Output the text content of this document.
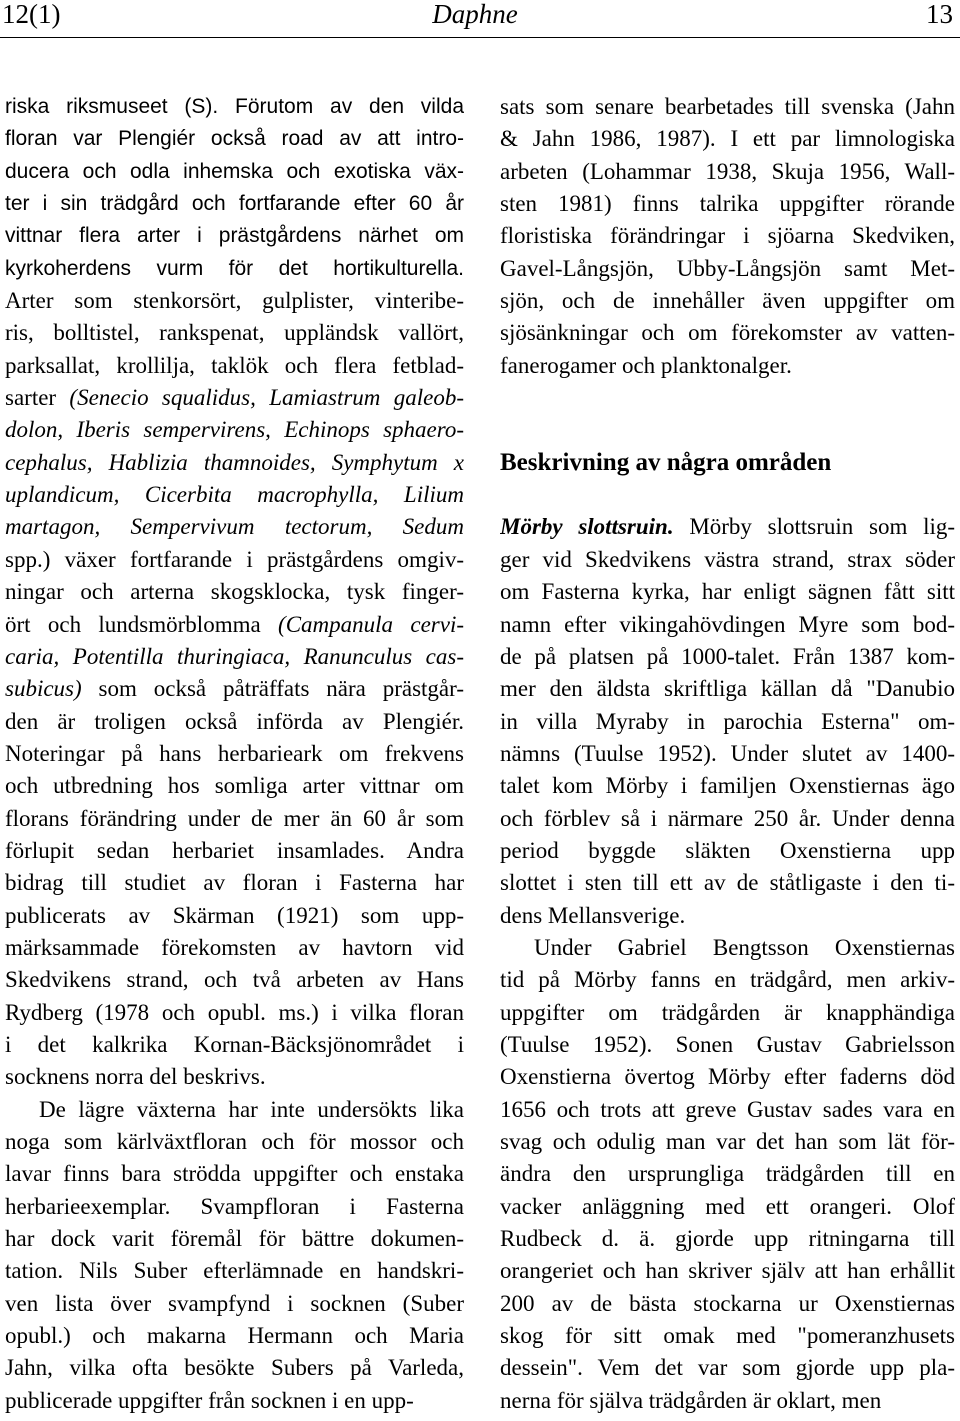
12(1)	Daphne	13
riska riksmuseet (S). Förutom av den vilda
floran var Plengiér också road av att intro-
ducera och odla inhemska och exotiska väx-
ter i sin trädgård och fortfarande efter 60 år
vittnar flera arter i prästgårdens närhet om
kyrkoherdens vurm för det hortikulturella.
Arter som stenkorsört, gulplister, vinteribe-
ris, bolltistel, rankspenat, uppländsk vallört,
parksallat, krollilja, taklök och flera fetblad-
sarter (Senecio squalidus, Lamiastrum galeob-
dolon, Iberis sempervirens, Echinops sphaero-
cephalus, Hablizia thamnoides, Symphytum x
uplandicum, Cicerbita macrophylla, Lilium
martagon, Sempervivum tectorum, Sedum
spp.) växer fortfarande i prästgårdens omgiv-
ningar och arterna skogsklocka, tysk finger-
ört och lundsmörblomma (Campanula cervi-
caria, Potentilla thuringiaca, Ranunculus cas-
subicus) som också påträffats nära prästgår-
den är troligen också införda av Plengiér.
Noteringar på hans herbarieark om frekvens
och utbredning hos somliga arter vittnar om
florans förändring under de mer än 60 år som
förlupit sedan herbariet insamlades. Andra
bidrag till studiet av floran i Fasterna har
publicerats av Skärman (1921) som upp-
märksammade förekomsten av havtorn vid
Skedvikens strand, och två arbeten av Hans
Rydberg (1978 och opubl. ms.) i vilka floran
i det kalkrika Kornan-Bäcksjönområdet i
socknens norra del beskrivs.
De lägre växterna har inte undersökts lika
noga som kärlväxtfloran och för mossor och
lavar finns bara strödda uppgifter och enstaka
herbarieexemplar. Svampfloran i Fasterna
har dock varit föremål för bättre dokumen-
tation. Nils Suber efterlämnade en handskri-
ven lista över svampfynd i socknen (Suber
opubl.) och makarna Hermann och Maria
Jahn, vilka ofta besökte Subers på Varleda,
publicerade uppgifter från socknen i en upp-
sats som senare bearbetades till svenska (Jahn
& Jahn 1986, 1987). I ett par limnologiska
arbeten (Lohammar 1938, Skuja 1956, Wall-
sten 1981) finns talrika uppgifter rörande
floristiska förändringar i sjöarna Skedviken,
Gavel-Långsjön, Ubby-Långsjön samt Met-
sjön, och de innehåller även uppgifter om
sjösänkningar och om förekomster av vatten-
fanerogamer och planktonalger.
Beskrivning av några områden
Mörby slottsruin. Mörby slottsruin som lig-
ger vid Skedvikens västra strand, strax söder
om Fasterna kyrka, har enligt sägnen fått sitt
namn efter vikingahövdingen Myre som bod-
de på platsen på 1000-talet. Från 1387 kom-
mer den äldsta skriftliga källan då "Danubio
in villa Myraby in parochia Esterna" om-
nämns (Tuulse 1952). Under slutet av 1400-
talet kom Mörby i familjen Oxenstiernas ägo
och förblev så i närmare 250 år. Under denna
period byggde släkten Oxenstierna upp
slottet i sten till ett av de ståtligaste i den ti-
dens Mellansverige.
Under Gabriel Bengtsson Oxenstiernas
tid på Mörby fanns en trädgård, men arkiv-
uppgifter om trädgården är knapphändiga
(Tuulse 1952). Sonen Gustav Gabrielsson
Oxenstierna övertog Mörby efter faderns död
1656 och trots att greve Gustav sades vara en
svag och odulig man var det han som lät för-
ändra den ursprungliga trädgården till en
vacker anläggning med ett orangeri. Olof
Rudbeck d. ä. gjorde upp ritningarna till
orangeriet och han skriver själv att han erhållit
200 av de bästa stockarna ur Oxenstiernas
skog för sitt omak med "pomeranzhusets
dessein". Vem det var som gjorde upp pla-
nerna för själva trädgården är oklart, men
